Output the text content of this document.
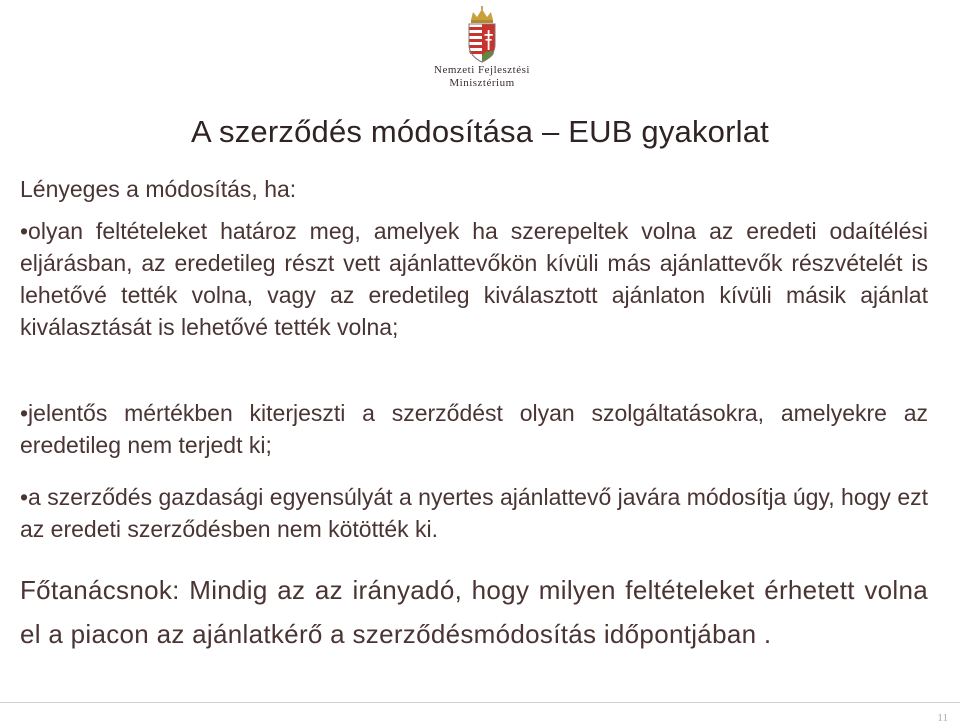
Nemzeti Fejlesztési
Minisztérium
A szerződés módosítása – EUB gyakorlat
Lényeges a módosítás, ha:
•olyan feltételeket határoz meg, amelyek ha szerepeltek volna az eredeti odaítélési eljárásban, az eredetileg részt vett ajánlattevőkön kívüli más ajánlattevők részvételét is lehetővé tették volna, vagy az eredetileg kiválasztott ajánlaton kívüli másik ajánlat kiválasztását is lehetővé tették volna;
•jelentős mértékben kiterjeszti a szerződést olyan szolgáltatásokra, amelyekre az eredetileg nem terjedt ki;
•a szerződés gazdasági egyensúlyát a nyertes ajánlattevő javára módosítja úgy, hogy ezt az eredeti szerződésben nem kötötték ki.
Főtanácsnok: Mindig az az irányadó, hogy milyen feltételeket érhetett volna el a piacon az ajánlatkérő a szerződésmódosítás időpontjában .
11
